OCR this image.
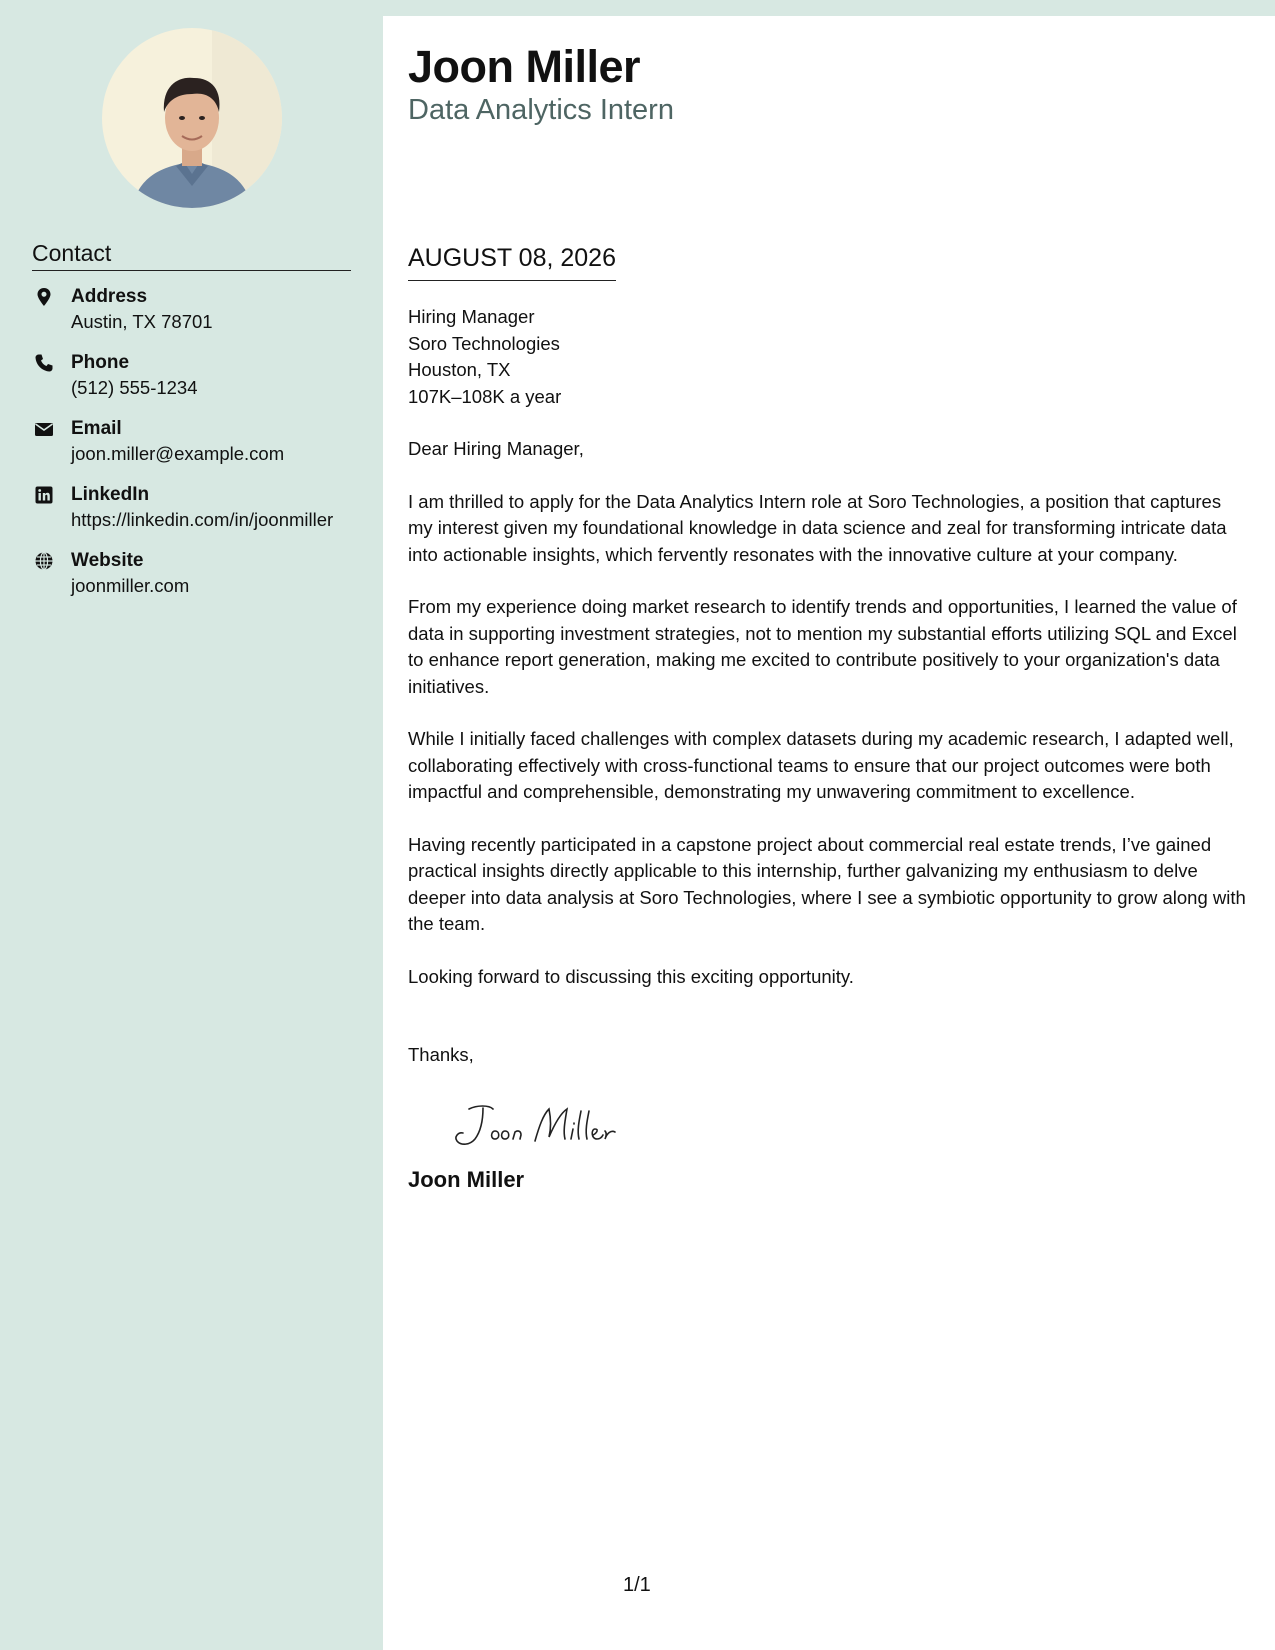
Contact
Address
Austin, TX 78701
Phone
(512) 555-1234
Email
joon.miller@example.com
LinkedIn
https://linkedin.com/in/joonmiller
Website
joonmiller.com
Joon Miller
Data Analytics Intern
AUGUST 08, 2026
Hiring Manager
Soro Technologies
Houston, TX
107K–108K a year
Dear Hiring Manager,
I am thrilled to apply for the Data Analytics Intern role at Soro Technologies, a position that captures my interest given my foundational knowledge in data science and zeal for transforming intricate data into actionable insights, which fervently resonates with the innovative culture at your company.
From my experience doing market research to identify trends and opportunities, I learned the value of data in supporting investment strategies, not to mention my substantial efforts utilizing SQL and Excel to enhance report generation, making me excited to contribute positively to your organization's data initiatives.
While I initially faced challenges with complex datasets during my academic research, I adapted well, collaborating effectively with cross-functional teams to ensure that our project outcomes were both impactful and comprehensible, demonstrating my unwavering commitment to excellence.
Having recently participated in a capstone project about commercial real estate trends, I’ve gained practical insights directly applicable to this internship, further galvanizing my enthusiasm to delve deeper into data analysis at Soro Technologies, where I see a symbiotic opportunity to grow along with the team.
Looking forward to discussing this exciting opportunity.
Thanks,
Joon Miller
1/1
